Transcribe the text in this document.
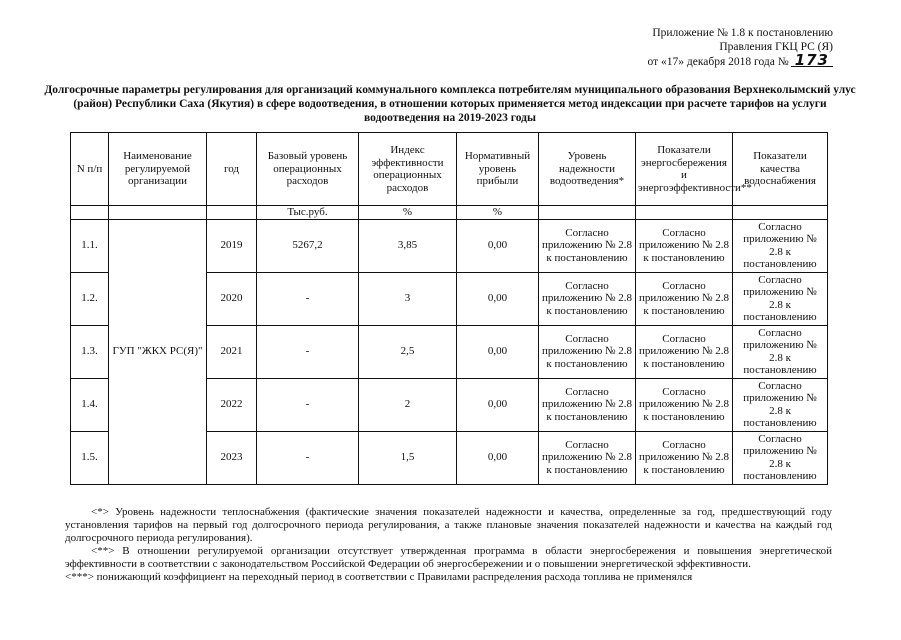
Приложение № 1.8 к постановлению
Правления ГКЦ РС (Я)
от «17» декабря 2018 года № 173
Долгосрочные параметры регулирования для организаций коммунального комплекса потребителям муниципального образования Верхнеколымский улус (район) Республики Саха (Якутия) в сфере водоотведения, в отношении которых применяется метод индексации при расчете тарифов на услуги водоотведения на 2019-2023 годы
N п/п	Наименование регулируемой организации	год	Базовый уровень операционных расходов	Индекс эффективности операционных расходов	Нормативный уровень прибыли	Уровень надежности водоотведения*	Показатели энергосбережения и энергоэффективности**	Показатели качества водоснабжения
			Тыс.руб.	%	%			
1.1.	ГУП "ЖКХ РС(Я)"	2019	5267,2	3,85	0,00	Согласно приложению № 2.8 к постановлению	Согласно приложению № 2.8 к постановлению	Согласно приложению № 2.8 к постановлению
1.2.		2020	-	3	0,00	Согласно приложению № 2.8 к постановлению	Согласно приложению № 2.8 к постановлению	Согласно приложению № 2.8 к постановлению
1.3.		2021	-	2,5	0,00	Согласно приложению № 2.8 к постановлению	Согласно приложению № 2.8 к постановлению	Согласно приложению № 2.8 к постановлению
1.4.		2022	-	2	0,00	Согласно приложению № 2.8 к постановлению	Согласно приложению № 2.8 к постановлению	Согласно приложению № 2.8 к постановлению
1.5.		2023	-	1,5	0,00	Согласно приложению № 2.8 к постановлению	Согласно приложению № 2.8 к постановлению	Согласно приложению № 2.8 к постановлению

<*> Уровень надежности теплоснабжения (фактические значения показателей надежности и качества, определенные за год, предшествующий году установления тарифов на первый год долгосрочного периода регулирования, а также плановые значения показателей надежности и качества на каждый год долгосрочного периода регулирования).

<**> В отношении регулируемой организации отсутствует утвержденная программа в области энергосбережения и повышения энергетической эффективности в соответствии с законодательством Российской Федерации об энергосбережении и о повышении энергетической эффективности.

<***> понижающий коэффициент на переходный период в соответствии с Правилами распределения расхода топлива не применялся
